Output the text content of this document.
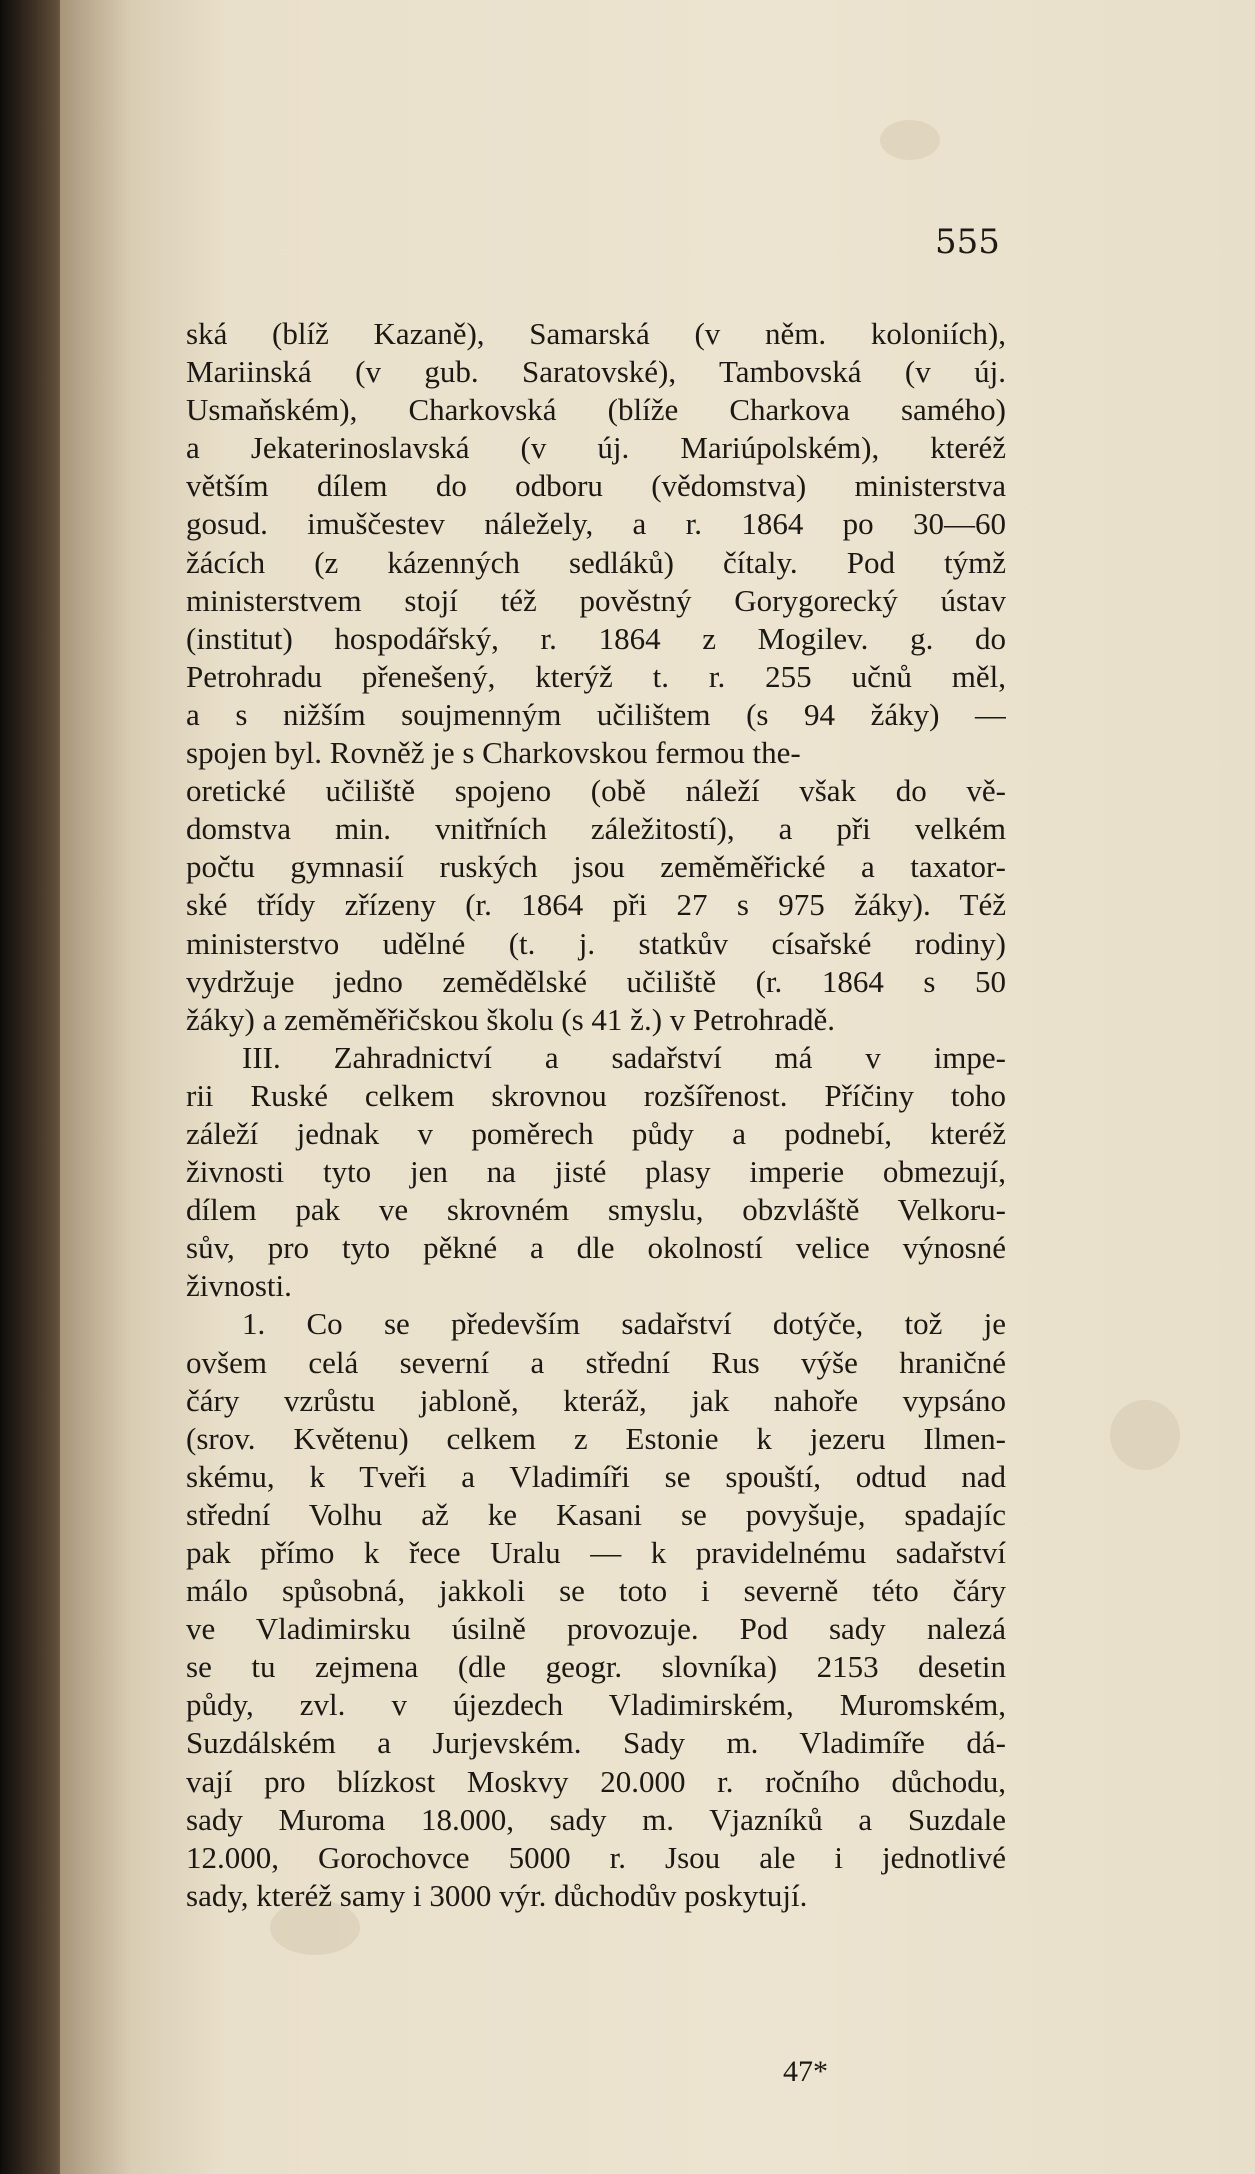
555
ská (blíž Kazaně), Samarská (v něm. koloniích),
Mariinská (v gub. Saratovské), Tambovská (v új.
Usmaňském), Charkovská (blíže Charkova samého)
a Jekaterinoslavská (v új. Mariúpolském), kteréž
větším dílem do odboru (vědomstva) ministerstva
gosud. imuščestev náležely, a r. 1864 po 30—60
žácích (z kázenných sedláků) čítaly. Pod týmž
ministerstvem stojí též pověstný Gorygorecký ústav
(institut) hospodářský, r. 1864 z Mogilev. g. do
Petrohradu přenešený, kterýž t. r. 255 učnů měl,
a s nižším soujmenným učilištem (s 94 žáky) —
spojen byl. Rovněž je s Charkovskou fermou the-
oretické učiliště spojeno (obě náleží však do vě-
domstva min. vnitřních záležitostí), a při velkém
počtu gymnasií ruských jsou zeměměřické a taxator-
ské třídy zřízeny (r. 1864 při 27 s 975 žáky). Též
ministerstvo udělné (t. j. statkův císařské rodiny)
vydržuje jedno zemědělské učiliště (r. 1864 s 50
žáky) a zeměměřičskou školu (s 41 ž.) v Petrohradě.
III. Zahradnictví a sadařství má v impe-
rii Ruské celkem skrovnou rozšířenost. Příčiny toho
záleží jednak v poměrech půdy a podnebí, kteréž
živnosti tyto jen na jisté plasy imperie obmezují,
dílem pak ve skrovném smyslu, obzvláště Velkoru-
sův, pro tyto pěkné a dle okolností velice výnosné
živnosti.
1. Co se především sadařství dotýče, tož je
ovšem celá severní a střední Rus výše hraničné
čáry vzrůstu jabloně, kteráž, jak nahoře vypsáno
(srov. Květenu) celkem z Estonie k jezeru Ilmen-
skému, k Tveři a Vladimíři se spouští, odtud nad
střední Volhu až ke Kasani se povyšuje, spadajíc
pak přímo k řece Uralu — k pravidelnému sadařství
málo spůsobná, jakkoli se toto i severně této čáry
ve Vladimirsku úsilně provozuje. Pod sady nalezá
se tu zejmena (dle geogr. slovníka) 2153 desetin
půdy, zvl. v újezdech Vladimirském, Muromském,
Suzdálském a Jurjevském. Sady m. Vladimíře dá-
vají pro blízkost Moskvy 20.000 r. ročního důchodu,
sady Muroma 18.000, sady m. Vjazníků a Suzdale
12.000, Gorochovce 5000 r. Jsou ale i jednotlivé
sady, kteréž samy i 3000 výr. důchodův poskytují.
47*
